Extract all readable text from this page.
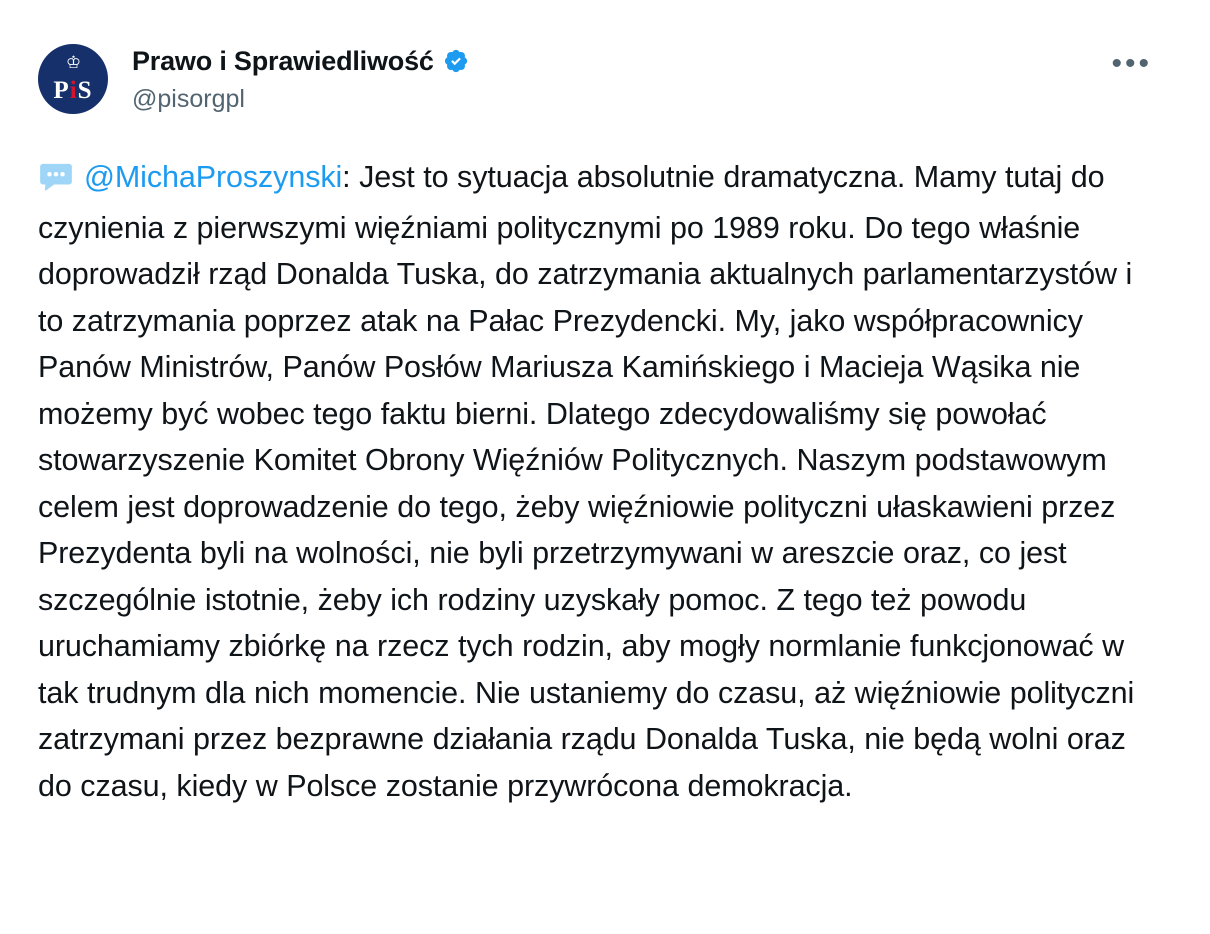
♔
PiS
Prawo i Sprawiedliwość
@pisorgpl
•••
@MichaProszynski: Jest to sytuacja absolutnie dramatyczna. Mamy tutaj do czynienia z pierwszymi więźniami politycznymi po 1989 roku. Do tego właśnie doprowadził rząd Donalda Tuska, do zatrzymania aktualnych parlamentarzystów i to zatrzymania poprzez atak na Pałac Prezydencki. My, jako współpracownicy Panów Ministrów, Panów Posłów Mariusza Kamińskiego i Macieja Wąsika nie możemy być wobec tego faktu bierni. Dlatego zdecydowaliśmy się powołać stowarzyszenie Komitet Obrony Więźniów Politycznych. Naszym podstawowym celem jest doprowadzenie do tego, żeby więźniowie polityczni ułaskawieni przez Prezydenta byli na wolności, nie byli przetrzymywani w areszcie oraz, co jest szczególnie istotnie, żeby ich rodziny uzyskały pomoc. Z tego też powodu uruchamiamy zbiórkę na rzecz tych rodzin, aby mogły normlanie funkcjonować w tak trudnym dla nich momencie. Nie ustaniemy do czasu, aż więźniowie polityczni zatrzymani przez bezprawne działania rządu Donalda Tuska, nie będą wolni oraz do czasu, kiedy w Polsce zostanie przywrócona demokracja.
